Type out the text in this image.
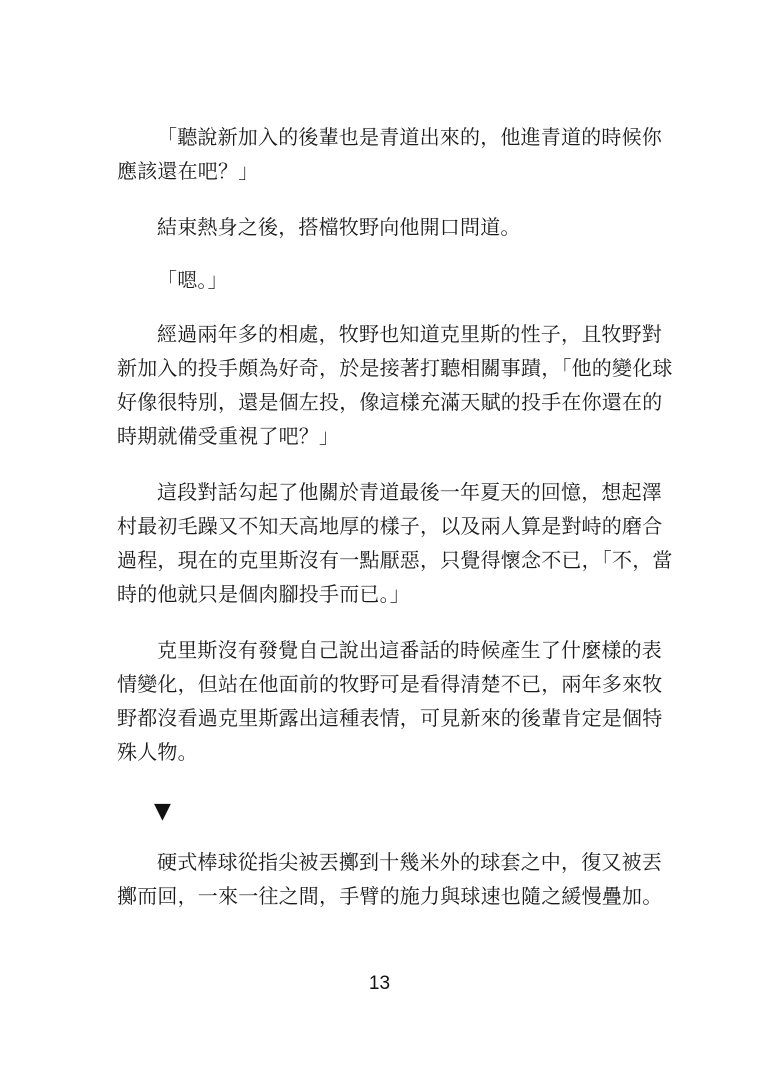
「聽說新加入的後輩也是青道出來的，他進青道的時候你
應該還在吧？」
結束熱身之後，搭檔牧野向他開口問道。
「嗯。」
經過兩年多的相處，牧野也知道克里斯的性子，且牧野對
新加入的投手頗為好奇，於是接著打聽相關事蹟，「他的變化球
好像很特別，還是個左投，像這樣充滿天賦的投手在你還在的
時期就備受重視了吧？」
這段對話勾起了他關於青道最後一年夏天的回憶，想起澤
村最初毛躁又不知天高地厚的樣子，以及兩人算是對峙的磨合
過程，現在的克里斯沒有一點厭惡，只覺得懷念不已，「不，當
時的他就只是個肉腳投手而已。」
克里斯沒有發覺自己說出這番話的時候產生了什麼樣的表
情變化，但站在他面前的牧野可是看得清楚不已，兩年多來牧
野都沒看過克里斯露出這種表情，可見新來的後輩肯定是個特
殊人物。
▼
硬式棒球從指尖被丟擲到十幾米外的球套之中，復又被丟
擲而回，一來一往之間，手臂的施力與球速也隨之緩慢疊加。
13
